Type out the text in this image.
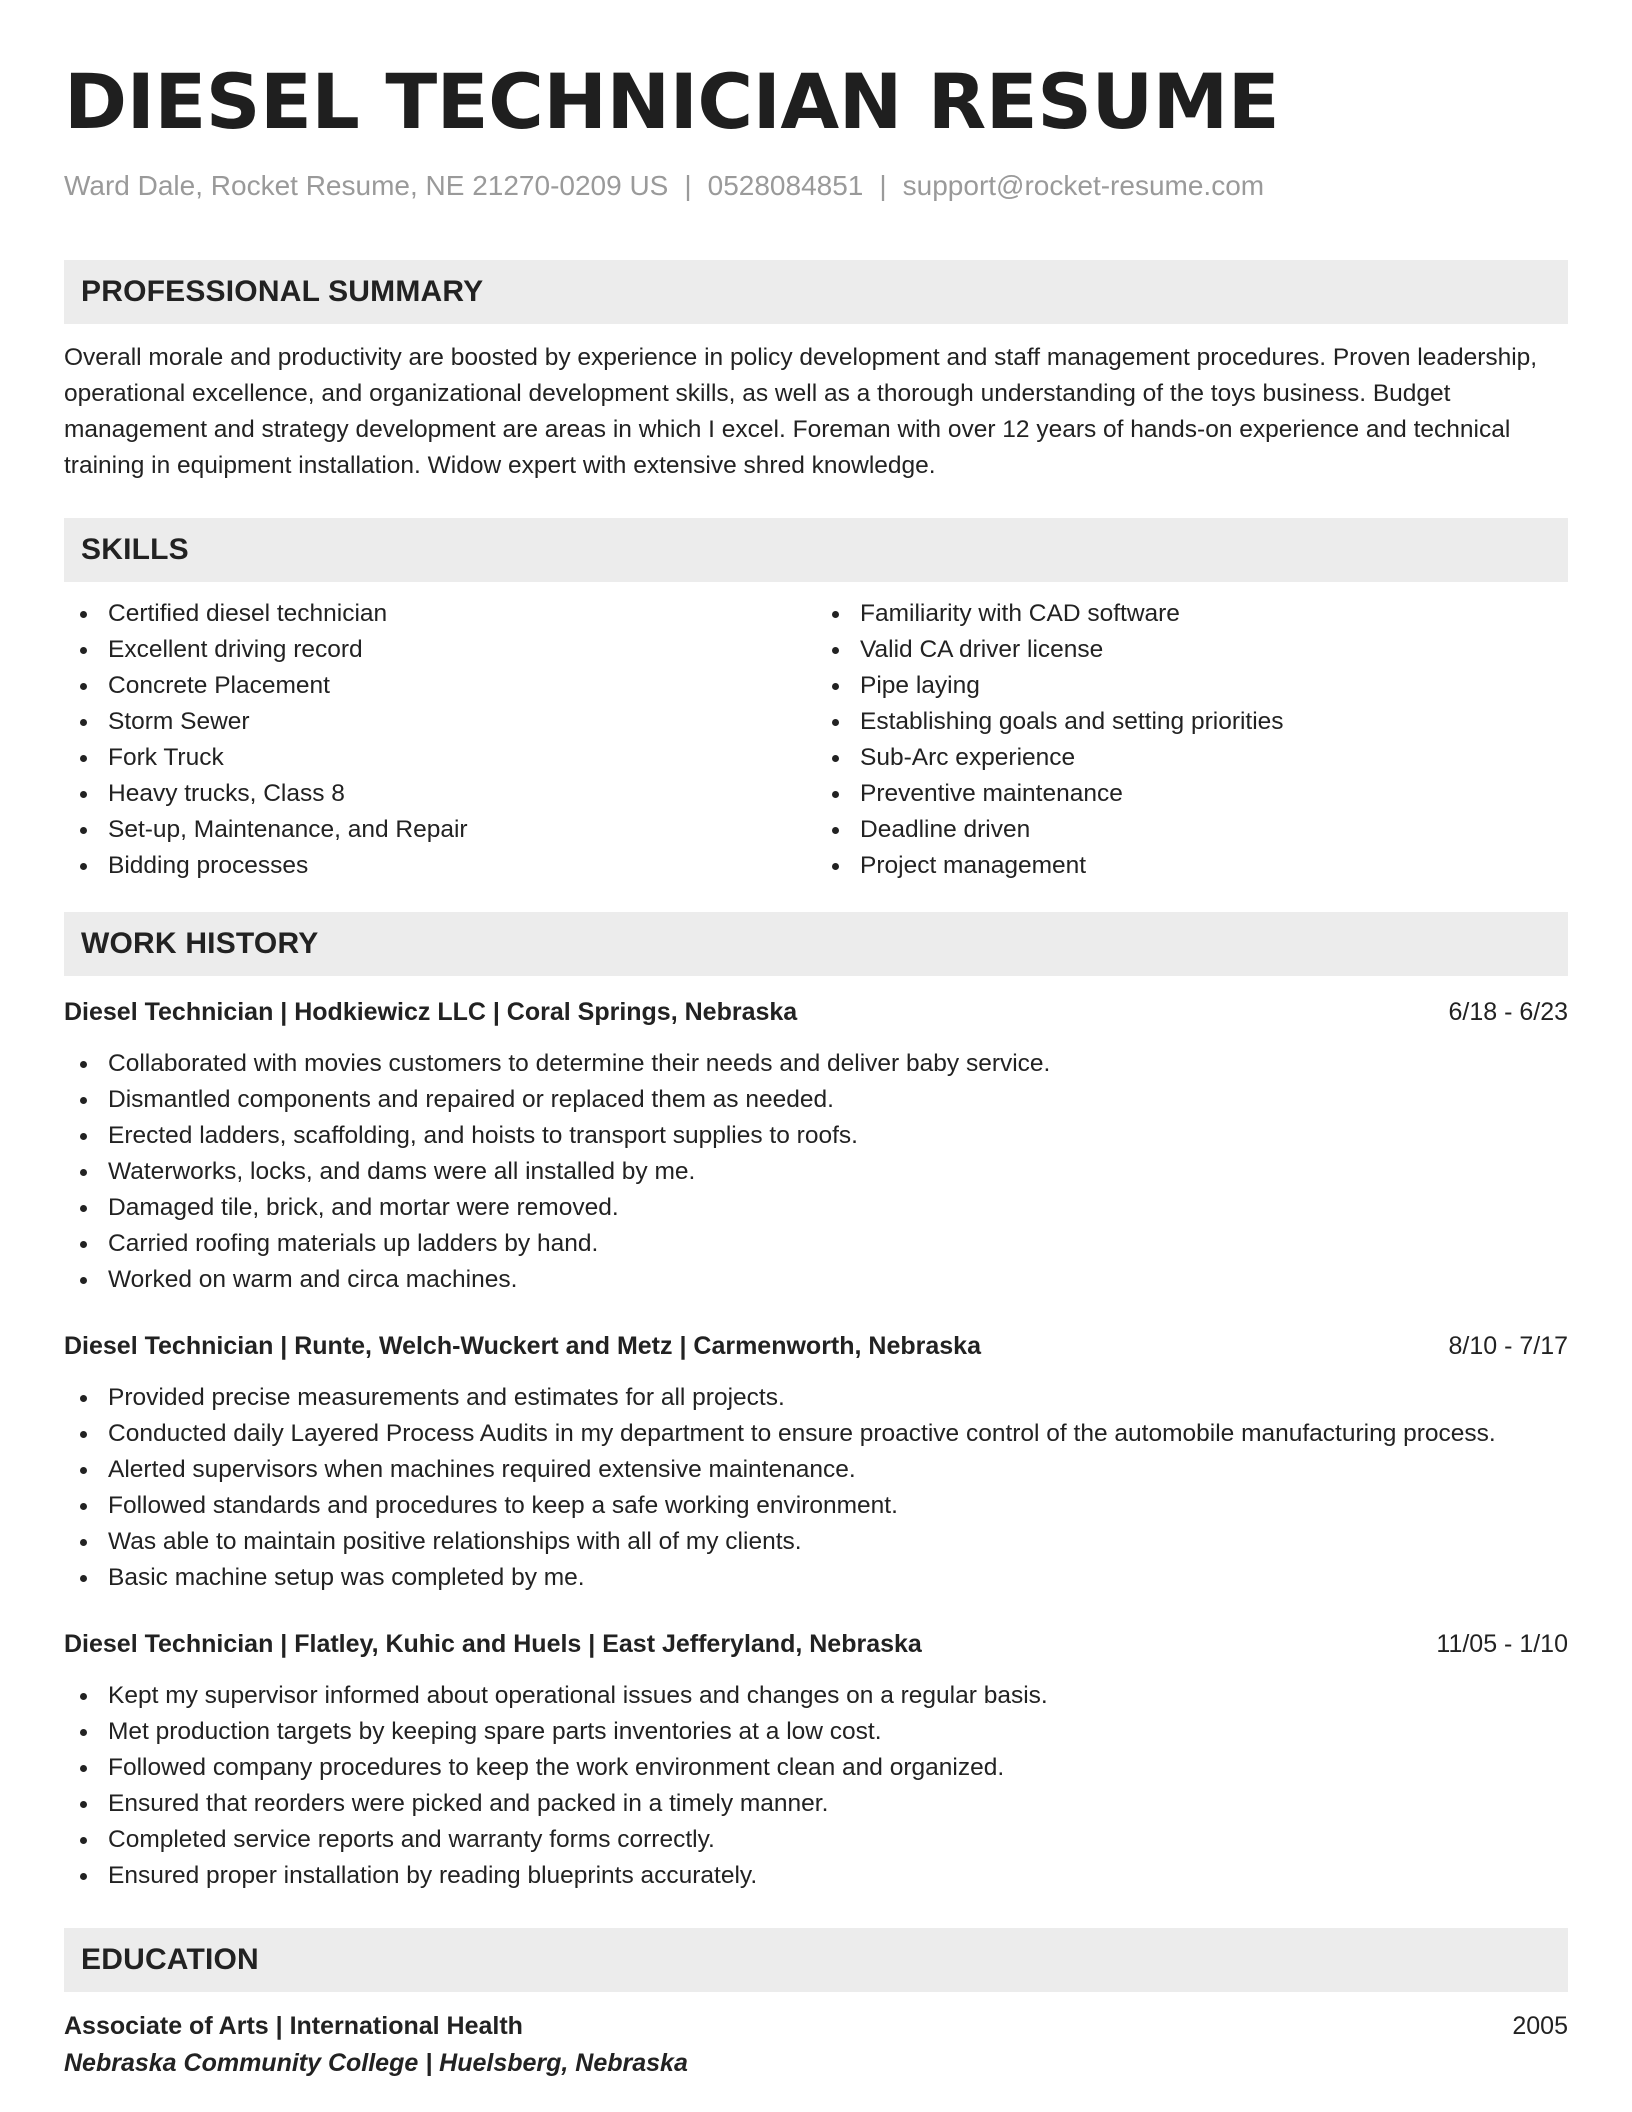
DIESEL TECHNICIAN RESUME
Ward Dale, Rocket Resume, NE 21270-0209 US | 0528084851 | support@rocket-resume.com
PROFESSIONAL SUMMARY
Overall morale and productivity are boosted by experience in policy development and staff management procedures. Proven leadership, operational excellence, and organizational development skills, as well as a thorough understanding of the toys business. Budget management and strategy development are areas in which I excel. Foreman with over 12 years of hands-on experience and technical training in equipment installation. Widow expert with extensive shred knowledge.
SKILLS
Certified diesel technician
Excellent driving record
Concrete Placement
Storm Sewer
Fork Truck
Heavy trucks, Class 8
Set-up, Maintenance, and Repair
Bidding processes
Familiarity with CAD software
Valid CA driver license
Pipe laying
Establishing goals and setting priorities
Sub-Arc experience
Preventive maintenance
Deadline driven
Project management
WORK HISTORY
Diesel Technician | Hodkiewicz LLC | Coral Springs, Nebraska	6/18 - 6/23
Collaborated with movies customers to determine their needs and deliver baby service.
Dismantled components and repaired or replaced them as needed.
Erected ladders, scaffolding, and hoists to transport supplies to roofs.
Waterworks, locks, and dams were all installed by me.
Damaged tile, brick, and mortar were removed.
Carried roofing materials up ladders by hand.
Worked on warm and circa machines.
Diesel Technician | Runte, Welch-Wuckert and Metz | Carmenworth, Nebraska	8/10 - 7/17
Provided precise measurements and estimates for all projects.
Conducted daily Layered Process Audits in my department to ensure proactive control of the automobile manufacturing process.
Alerted supervisors when machines required extensive maintenance.
Followed standards and procedures to keep a safe working environment.
Was able to maintain positive relationships with all of my clients.
Basic machine setup was completed by me.
Diesel Technician | Flatley, Kuhic and Huels | East Jefferyland, Nebraska	11/05 - 1/10
Kept my supervisor informed about operational issues and changes on a regular basis.
Met production targets by keeping spare parts inventories at a low cost.
Followed company procedures to keep the work environment clean and organized.
Ensured that reorders were picked and packed in a timely manner.
Completed service reports and warranty forms correctly.
Ensured proper installation by reading blueprints accurately.
EDUCATION
Associate of Arts | International Health	2005
Nebraska Community College | Huelsberg, Nebraska
